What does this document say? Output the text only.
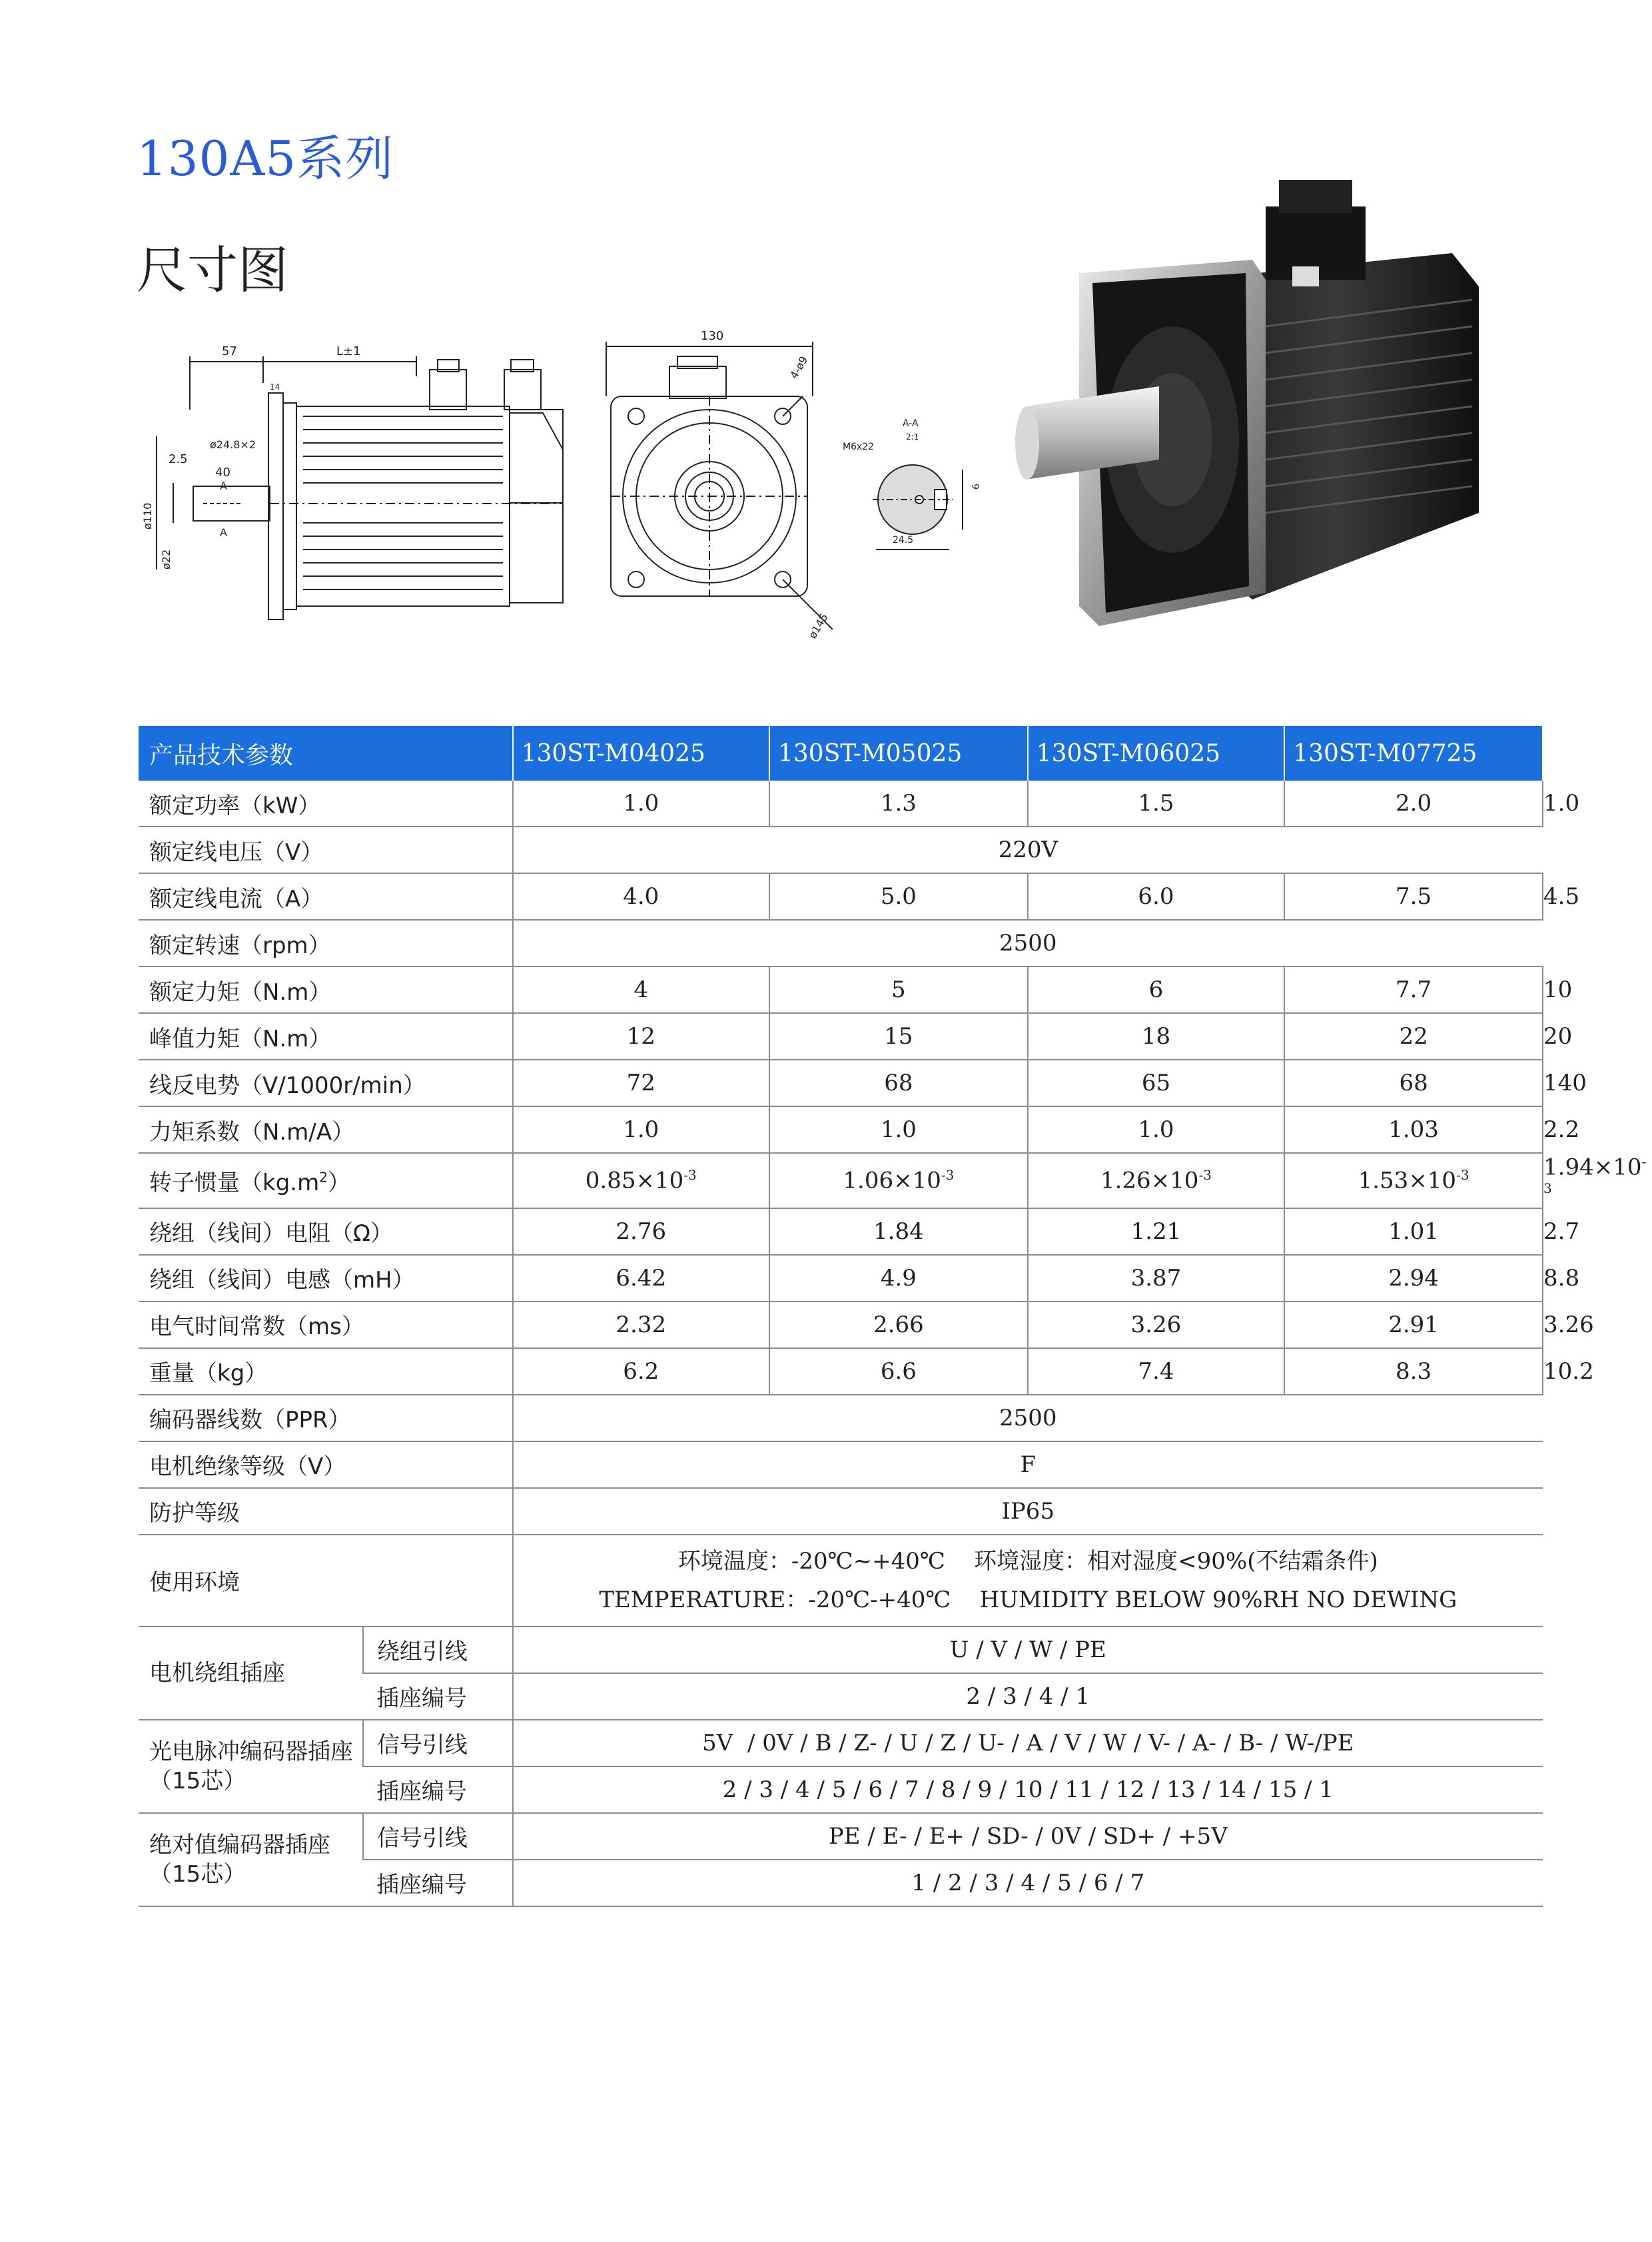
130A5系列
尺寸图
57	L±1
14
2.5
40
ø24.8×2
A
A
ø110
ø22
130
4-ø9
ø145
A-A
2:1
M6x22
6
24.5
产品技术参数		130ST-M04025	130ST-M05025	130ST-M06025	130ST-M07725	130ST-M10010
额定功率（kW）		1.0	1.3	1.5	2.0	1.0
额定线电压（V）		220V				
额定线电流（A）		4.0	5.0	6.0	7.5	4.5
额定转速（rpm）		2500				
额定力矩（N.m）		4	5	6	7.7	10
峰值力矩（N.m）		12	15	18	22	20
线反电势（V/1000r/min）		72	68	65	68	140
力矩系数（N.m/A）		1.0	1.0	1.0	1.03	2.2
转子惯量$(kg.m^2)$		$0.85\times 10^{-3}$	$1.06\times 10^{-3}$	$1.26\times 10^{-3}$	$1.53\times 10^{-3}$	$1.94\times 10^{-3}$
绕组（线间）电阻（Ω）		2.76	1.84	1.21	1.01	2.7
绕组（线间）电感（mH）		6.42	4.9	3.87	2.94	8.8
电气时间常数（ms）		2.32	2.66	3.26	2.91	3.26
重量（kg）		6.2	6.6	7.4	8.3	10.2
编码器线数（PPR）		2500				
电机绝缘等级（V）		F				
防护等级		IP65				
使用环境		环境温度：-20℃~+40℃    环境湿度：相对湿度<90%(不结霜条件)
TEMPERATURE：-20℃-+40℃    HUMIDITY BELOW 90%RH NO DEWING				

电机绕组插座	绕组引线	U / V / W / PE				
	插座编号	2 / 3 / 4 / 1				
光电脉冲编码器插座（15芯）	信号引线	5V  / 0V / B / Z- / U / Z / U- / A / V / W / V- / A- / B- / W-/PE				
	插座编号	2 / 3 / 4 / 5 / 6 / 7 / 8 / 9 / 10 / 11 / 12 / 13 / 14 / 15 / 1				
绝对值编码器插座（15芯）	信号引线	PE / E- / E+ / SD- / 0V / SD+ / +5V				
	插座编号	1 / 2 / 3 / 4 / 5 / 6 / 7				
